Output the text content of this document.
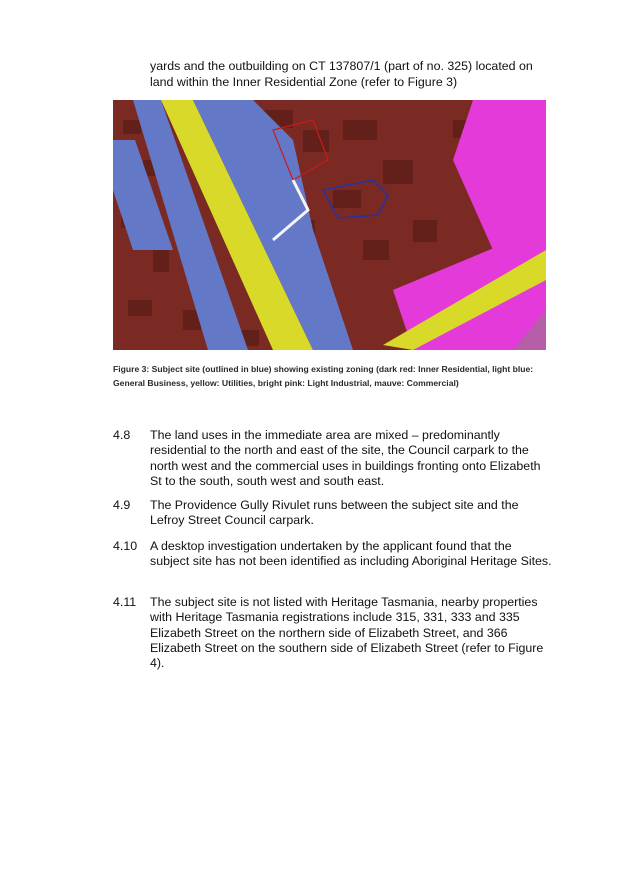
yards and the outbuilding on CT 137807/1 (part of no. 325) located on land within the Inner Residential Zone (refer to Figure 3)
Figure 3: Subject site (outlined in blue) showing existing zoning (dark red: Inner Residential, light blue: General Business, yellow: Utilities, bright pink: Light Industrial, mauve: Commercial)
4.8	The land uses in the immediate area are mixed – predominantly residential to the north and east of the site, the Council carpark to the north west and the commercial uses in buildings fronting onto Elizabeth St to the south, south west and south east.
4.9	The Providence Gully Rivulet runs between the subject site and the Lefroy Street Council carpark.
4.10	A desktop investigation undertaken by the applicant found that the subject site has not been identified as including Aboriginal Heritage Sites.
4.11	The subject site is not listed with Heritage Tasmania, nearby properties with Heritage Tasmania registrations include 315, 331, 333 and 335 Elizabeth Street on the northern side of Elizabeth Street, and 366 Elizabeth Street on the southern side of Elizabeth Street (refer to Figure 4).
